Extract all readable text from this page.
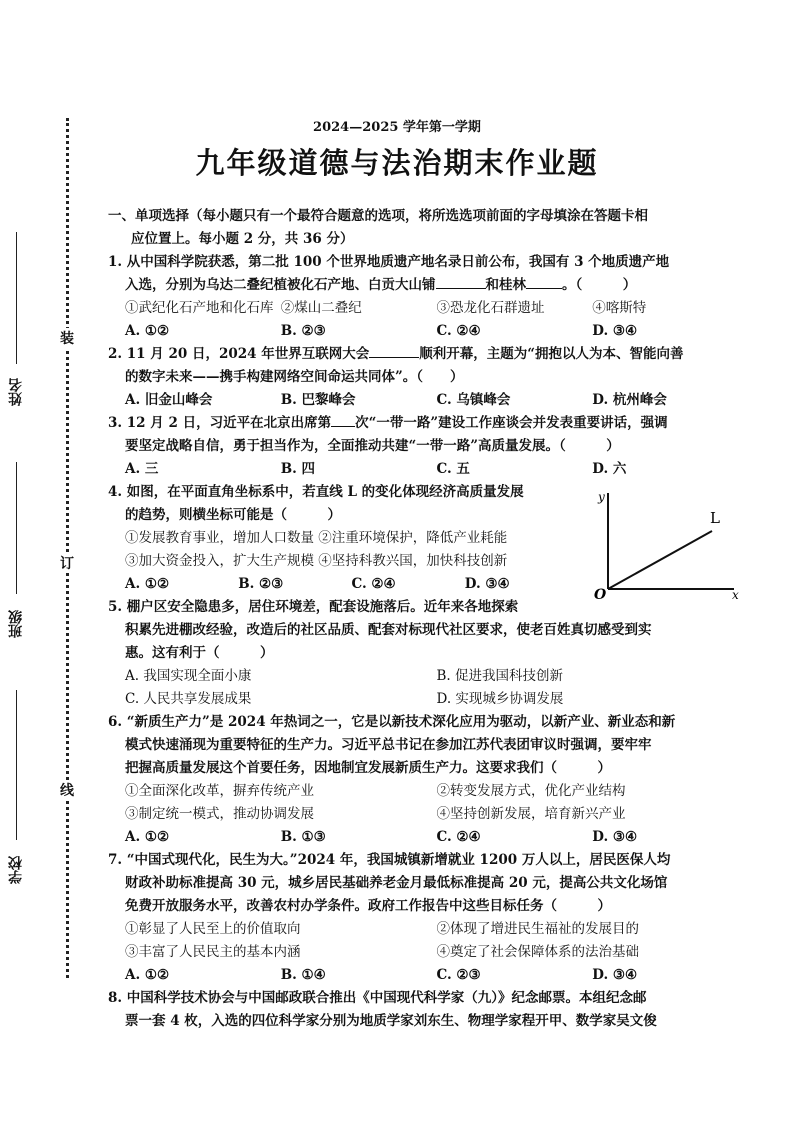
装
订
线
姓名
班级
学校
2024—2025 学年第一学期
九年级道德与法治期末作业题
一、单项选择（每小题只有一个最符合题意的选项，将所选选项前面的字母填涂在答题卡相
应位置上。每小题 2 分，共 36 分）
1. 从中国科学院获悉，第二批 100 个世界地质遗产地名录日前公布，我国有 3 个地质遗产地
入选，分别为乌达二叠纪植被化石产地、白贡大山铺	和桂林	。（　　　）
①武纪化石产地和化石库 ②煤山二叠纪	③恐龙化石群遗址	④喀斯特
A. ①②	B. ②③	C. ②④	D. ③④
2. 11 月 20 日，2024 年世界互联网大会	顺利开幕，主题为“拥抱以人为本、智能向善
的数字未来——携手构建网络空间命运共同体”。（　　）
A. 旧金山峰会	B. 巴黎峰会	C. 乌镇峰会	D. 杭州峰会
3. 12 月 2 日，习近平在北京出席第 次“一带一路”建设工作座谈会并发表重要讲话，强调
要坚定战略自信，勇于担当作为，全面推动共建“一带一路”高质量发展。（　　　）
A. 三	B. 四	C. 五	D. 六
4. 如图，在平面直角坐标系中，若直线 L 的变化体现经济高质量发展
的趋势，则横坐标可能是（　　　）
①发展教育事业，增加人口数量 ②注重环境保护，降低产业耗能
③加大资金投入，扩大生产规模 ④坚持科教兴国，加快科技创新
A. ①②	B. ②③	C. ②④	D. ③④
y
x
O
L
5. 棚户区安全隐患多，居住环境差，配套设施落后。近年来各地探索
积累先进棚改经验，改造后的社区品质、配套对标现代社区要求，使老百姓真切感受到实
惠。这有利于（　　　）
A. 我国实现全面小康	B. 促进我国科技创新
C. 人民共享发展成果	D. 实现城乡协调发展
6. “新质生产力”是 2024 年热词之一，它是以新技术深化应用为驱动，以新产业、新业态和新
模式快速涌现为重要特征的生产力。习近平总书记在参加江苏代表团审议时强调，要牢牢
把握高质量发展这个首要任务，因地制宜发展新质生产力。这要求我们（　　　）
①全面深化改革，摒弃传统产业	②转变发展方式，优化产业结构
③制定统一模式，推动协调发展	④坚持创新发展，培育新兴产业
A. ①②	B. ①③	C. ②④	D. ③④
7. “中国式现代化，民生为大。”2024 年，我国城镇新增就业 1200 万人以上，居民医保人均
财政补助标准提高 30 元，城乡居民基础养老金月最低标准提高 20 元，提高公共文化场馆
免费开放服务水平，改善农村办学条件。政府工作报告中这些目标任务（　　　）
①彰显了人民至上的价值取向	②体现了增进民生福祉的发展目的
③丰富了人民民主的基本内涵	④奠定了社会保障体系的法治基础
A. ①②	B. ①④	C. ②③	D. ③④
8. 中国科学技术协会与中国邮政联合推出《中国现代科学家（九）》纪念邮票。本组纪念邮
票一套 4 枚，入选的四位科学家分别为地质学家刘东生、物理学家程开甲、数学家吴文俊
